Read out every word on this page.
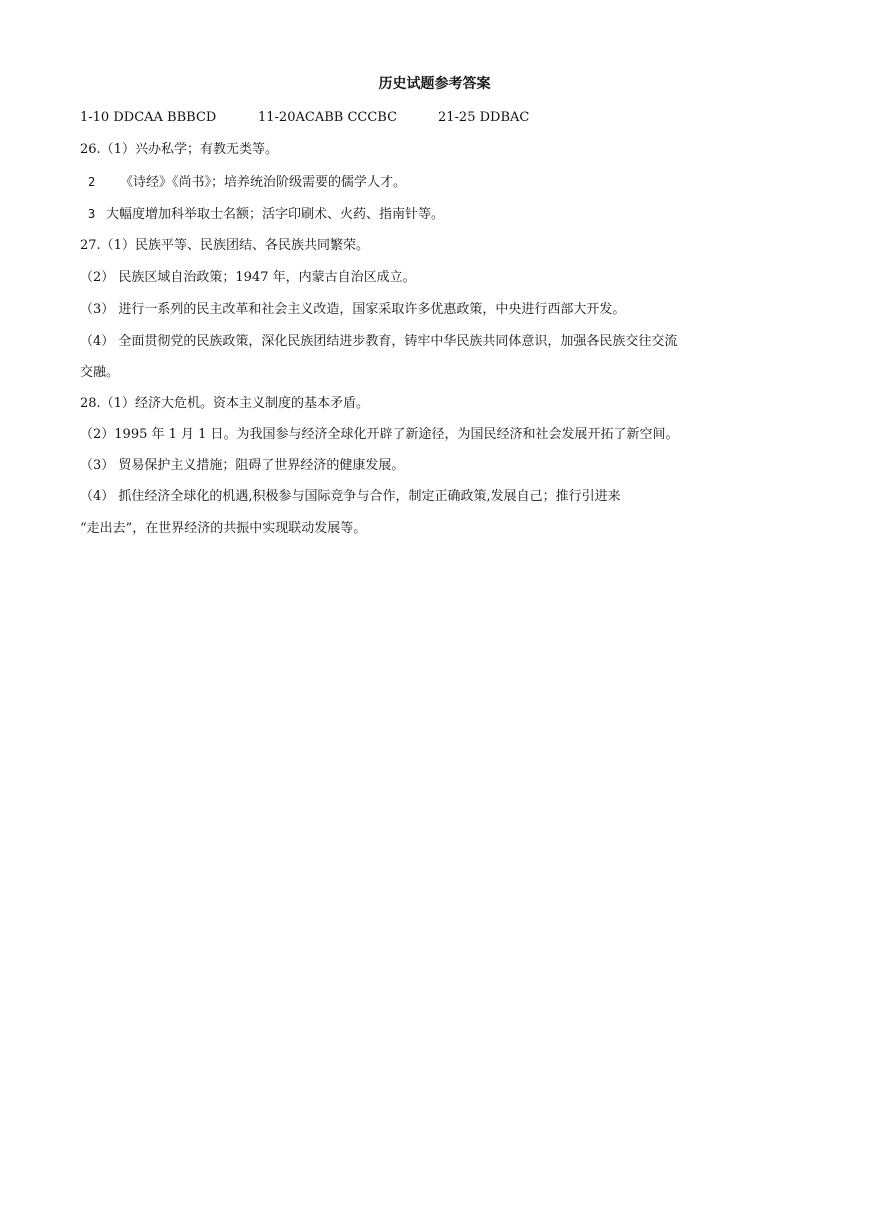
历史试题参考答案
1-10 DDCAA BBBCD	11-20ACABB CCCBC	21-25 DDBAC
26.（1）兴办私学；有教无类等。
2 《诗经》《尚书》；培养统治阶级需要的儒学人才。
3 大幅度增加科举取士名额；活字印刷术、火药、指南针等。
27.（1）民族平等、民族团结、各民族共同繁荣。
（2） 民族区域自治政策；1947 年，内蒙古自治区成立。
（3） 进行一系列的民主改革和社会主义改造，国家采取许多优惠政策，中央进行西部大开发。
（4） 全面贯彻党的民族政策，深化民族团结进步教育，铸牢中华民族共同体意识，加强各民族交往交流
交融。
28.（1）经济大危机。资本主义制度的基本矛盾。
（2）1995 年 1 月 1 日。为我国参与经济全球化开辟了新途径，为国民经济和社会发展开拓了新空间。
（3） 贸易保护主义措施；阻碍了世界经济的健康发展。
（4） 抓住经济全球化的机遇,积极参与国际竞争与合作，制定正确政策,发展自己；推行引进来
“走出去”，在世界经济的共振中实现联动发展等。
